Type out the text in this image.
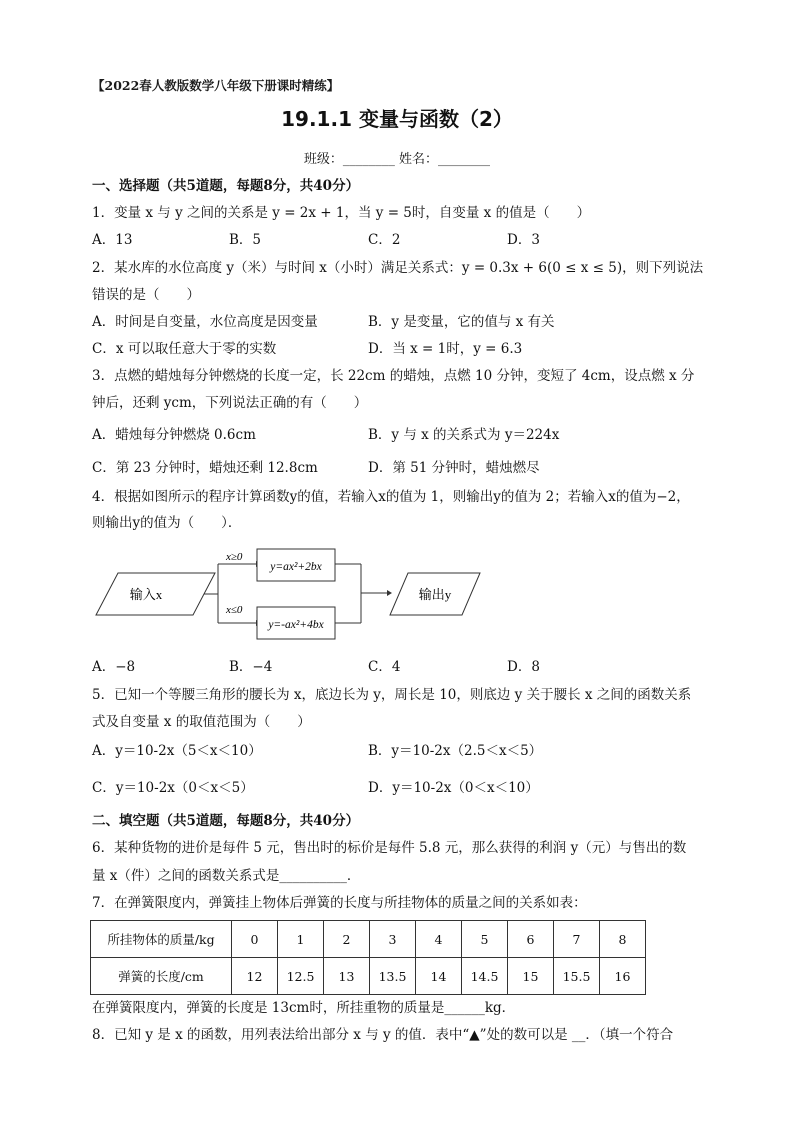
【2022春人教版数学八年级下册课时精练】
19.1.1 变量与函数（2）
班级：________ 姓名：________
一、选择题（共5道题，每题8分，共40分）
1．变量 x 与 y 之间的关系是 y = 2x + 1，当 y = 5时，自变量 x 的值是（　　）
A．13	B．5	C．2	D．3
2．某水库的水位高度 y（米）与时间 x（小时）满足关系式：y = 0.3x + 6(0 ≤ x ≤ 5)，则下列说法
错误的是（　　）
A．时间是自变量，水位高度是因变量	B．y 是变量，它的值与 x 有关
C．x 可以取任意大于零的实数	D．当 x = 1时，y = 6.3
3．点燃的蜡烛每分钟燃烧的长度一定，长 22cm 的蜡烛，点燃 10 分钟，变短了 4cm，设点燃 x 分
钟后，还剩 ycm，下列说法正确的有（　　）
A．蜡烛每分钟燃烧 0.6cm	B．y 与 x 的关系式为 y＝224x
C．第 23 分钟时，蜡烛还剩 12.8cm	D．第 51 分钟时，蜡烛燃尽
4．根据如图所示的程序计算函数y的值，若输入x的值为 1，则输出y的值为 2；若输入x的值为−2，
则输出y的值为（　　）．
输入x
x≥0
x≤0
y=ax²+2bx
y=-ax²+4bx
输出y
A．−8	B．−4	C．4	D．8
5．已知一个等腰三角形的腰长为 x，底边长为 y，周长是 10，则底边 y 关于腰长 x 之间的函数关系
式及自变量 x 的取值范围为（　　）
A．y＝10-2x（5＜x＜10）	B．y＝10-2x（2.5＜x＜5）
C．y＝10-2x（0＜x＜5）	D．y＝10-2x（0＜x＜10）
二、填空题（共5道题，每题8分，共40分）
6．某种货物的进价是每件 5 元，售出时的标价是每件 5.8 元，那么获得的利润 y（元）与售出的数
量 x（件）之间的函数关系式是__________．
7．在弹簧限度内，弹簧挂上物体后弹簧的长度与所挂物体的质量之间的关系如表：
所挂物体的质量/kg	0	1	2	3	4	5	6	7	8
弹簧的长度/cm	12	12.5	13	13.5	14	14.5	15	15.5	16
在弹簧限度内，弹簧的长度是 13cm时，所挂重物的质量是______kg．
8．已知 y 是 x 的函数，用列表法给出部分 x 与 y 的值．表中“▲”处的数可以是 __．（填一个符合
